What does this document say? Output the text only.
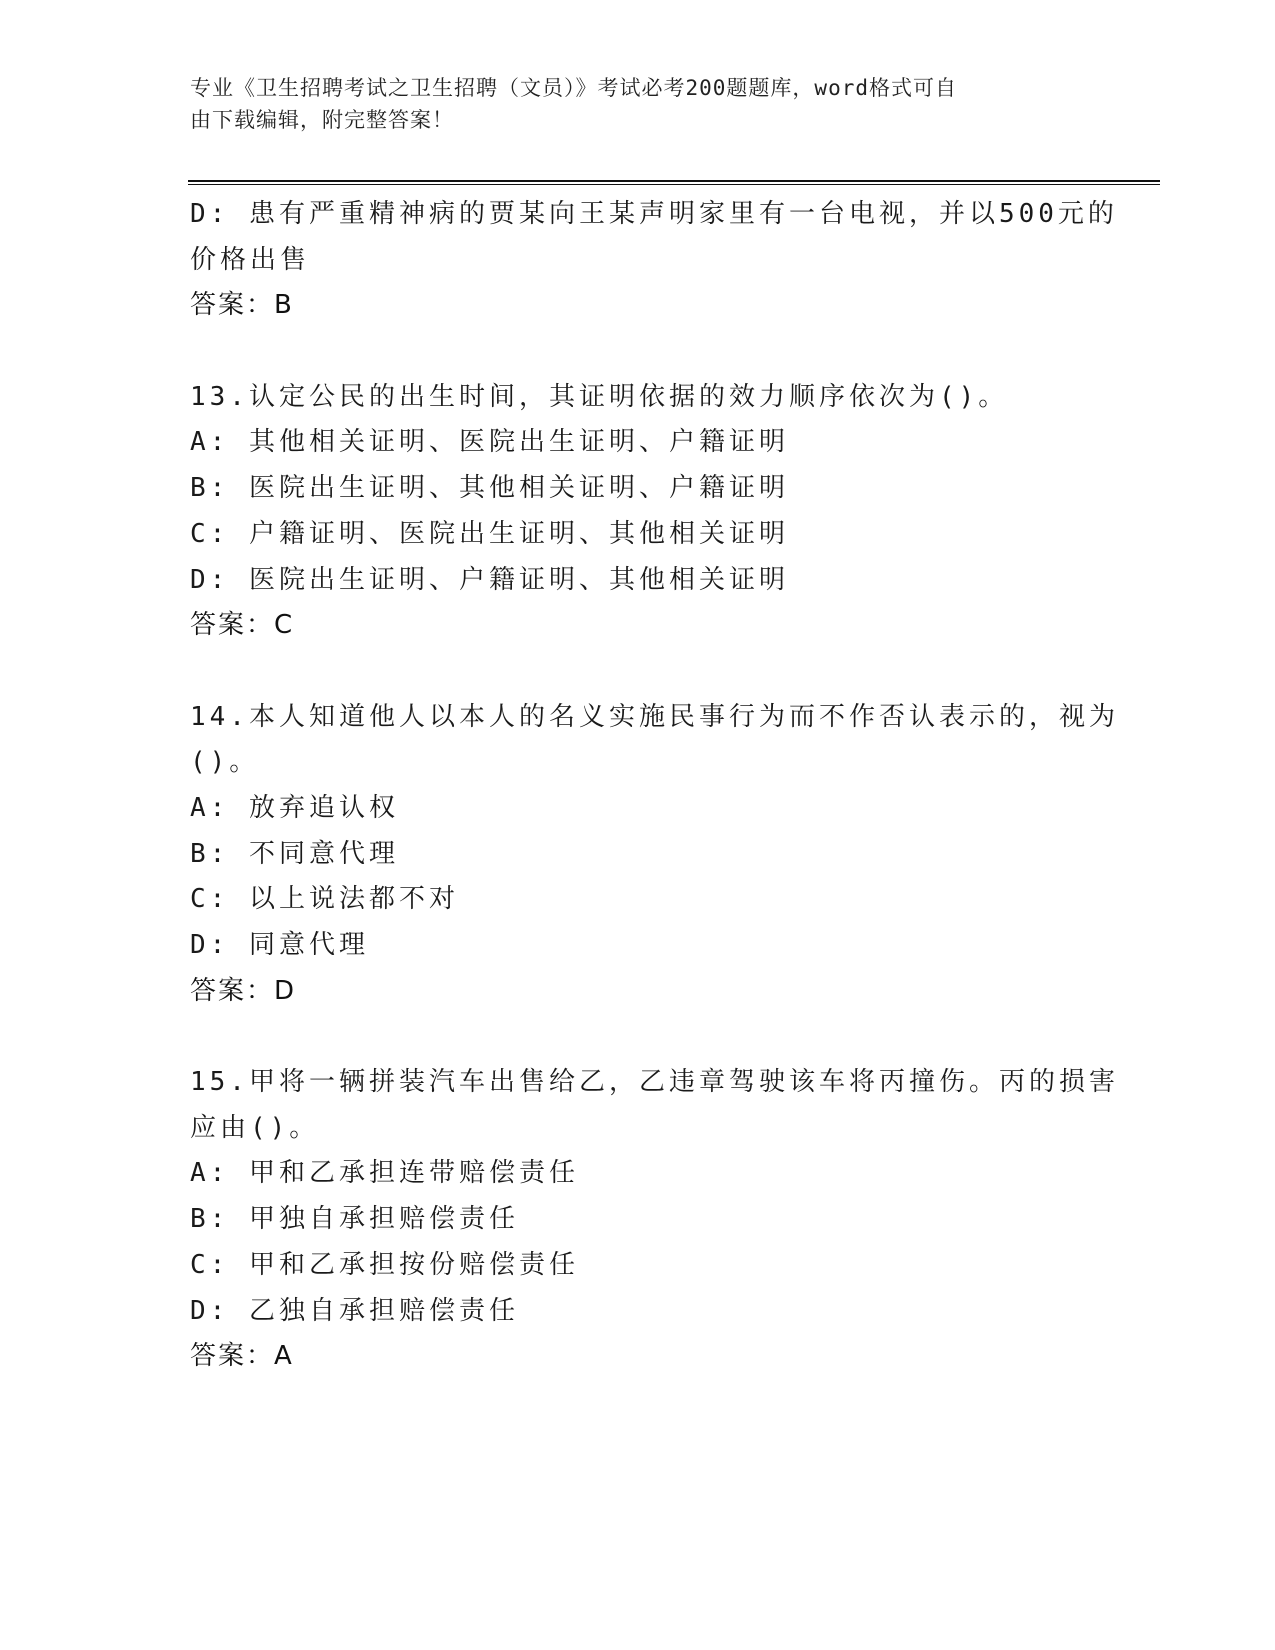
专业《卫生招聘考试之卫生招聘（文员）》考试必考200题题库，word格式可自
由下载编辑，附完整答案！
D: 患有严重精神病的贾某向王某声明家里有一台电视，并以500元的
价格出售
答案：B
13.认定公民的出生时间，其证明依据的效力顺序依次为()。
A: 其他相关证明、医院出生证明、户籍证明
B: 医院出生证明、其他相关证明、户籍证明
C: 户籍证明、医院出生证明、其他相关证明
D: 医院出生证明、户籍证明、其他相关证明
答案：C
14.本人知道他人以本人的名义实施民事行为而不作否认表示的，视为
()。
A: 放弃追认权
B: 不同意代理
C: 以上说法都不对
D: 同意代理
答案：D
15.甲将一辆拼装汽车出售给乙，乙违章驾驶该车将丙撞伤。丙的损害
应由()。
A: 甲和乙承担连带赔偿责任
B: 甲独自承担赔偿责任
C: 甲和乙承担按份赔偿责任
D: 乙独自承担赔偿责任
答案：A
